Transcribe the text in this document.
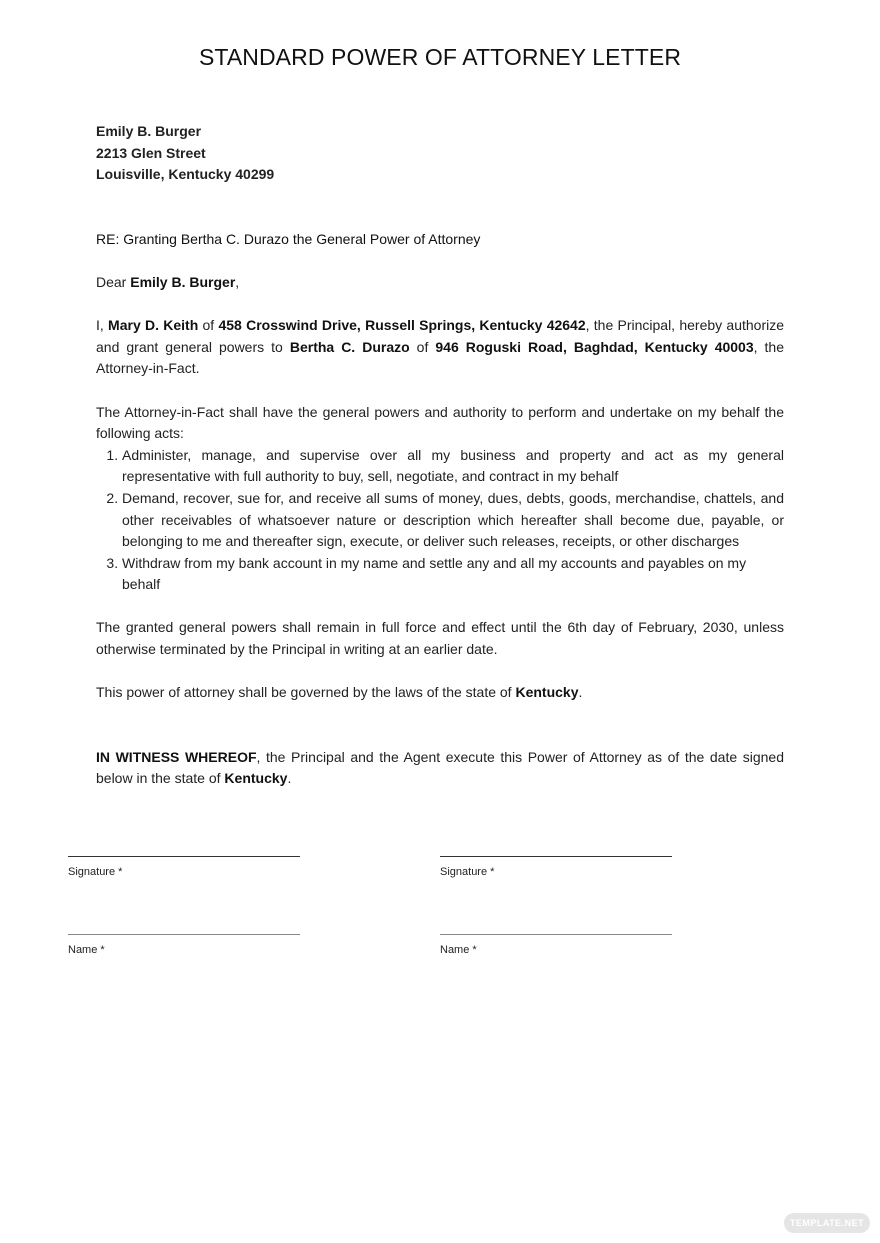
STANDARD POWER OF ATTORNEY LETTER
Emily B. Burger
2213 Glen Street
Louisville, Kentucky 40299

RE: Granting Bertha C. Durazo the General Power of Attorney

Dear Emily B. Burger,

I, Mary D. Keith of 458 Crosswind Drive, Russell Springs, Kentucky 42642, the Principal, hereby authorize and grant general powers to Bertha C. Durazo of 946 Roguski Road, Baghdad, Kentucky 40003, the Attorney-in-Fact.

The Attorney-in-Fact shall have the general powers and authority to perform and undertake on my behalf the following acts:

1. Administer, manage, and supervise over all my business and property and act as my general representative with full authority to buy, sell, negotiate, and contract in my behalf
2. Demand, recover, sue for, and receive all sums of money, dues, debts, goods, merchandise, chattels, and other receivables of whatsoever nature or description which hereafter shall become due, payable, or belonging to me and thereafter sign, execute, or deliver such releases, receipts, or other discharges
3. Withdraw from my bank account in my name and settle any and all my accounts and payables on my behalf

The granted general powers shall remain in full force and effect until the 6th day of February, 2030, unless otherwise terminated by the Principal in writing at an earlier date.

This power of attorney shall be governed by the laws of the state of Kentucky.

IN WITNESS WHEREOF, the Principal and the Agent execute this Power of Attorney as of the date signed below in the state of Kentucky.

Signature *
Name *
Signature *
Name *
TEMPLATE.NET
